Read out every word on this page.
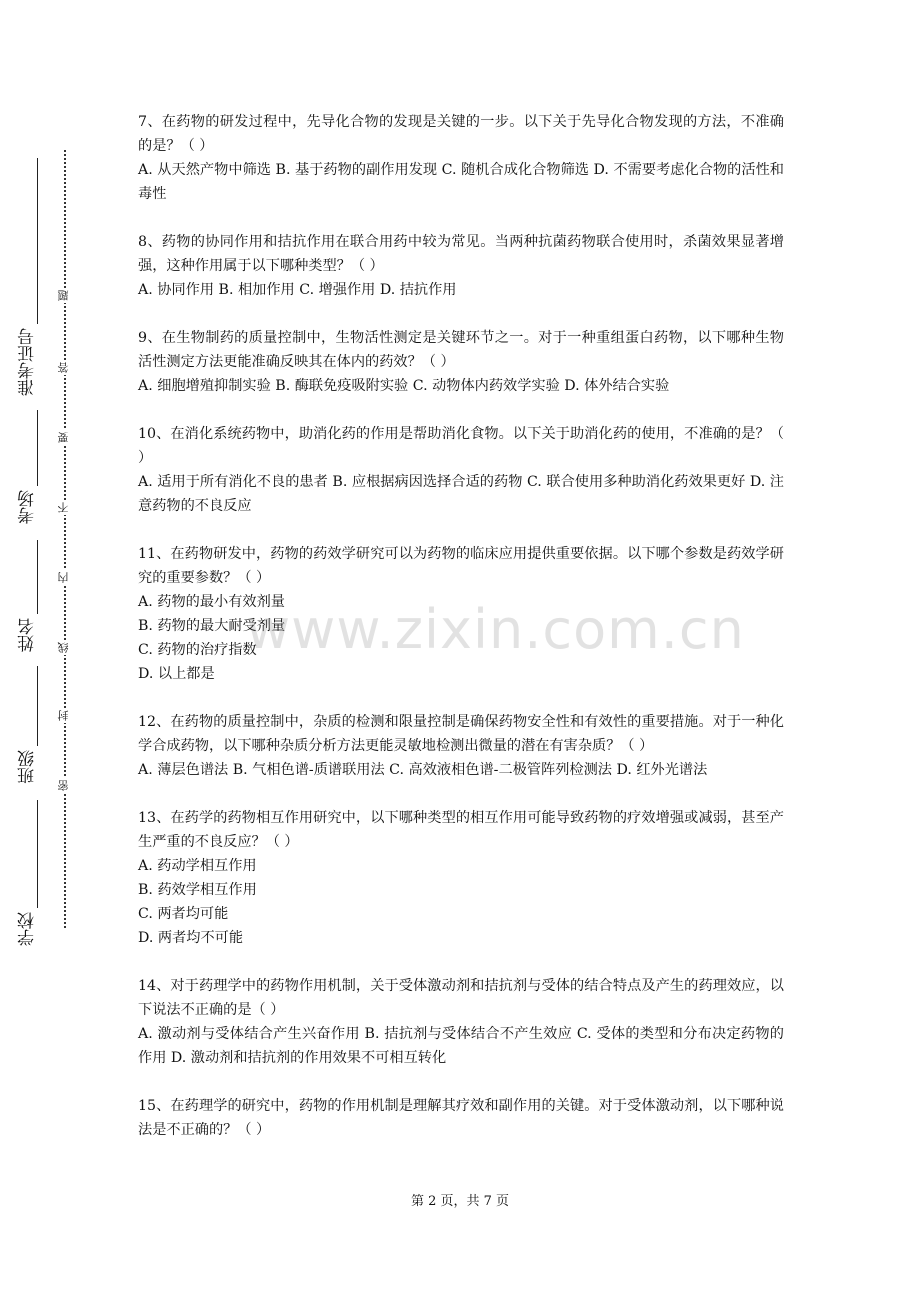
准考证号
考场
姓名
班级
学校
题
答
要
不
内
线
封
密

7、在药物的研发过程中，先导化合物的发现是关键的一步。以下关于先导化合物发现的方法，不准确的是？（ ）

A. 从天然产物中筛选 B. 基于药物的副作用发现 C. 随机合成化合物筛选 D. 不需要考虑化合物的活性和毒性

8、药物的协同作用和拮抗作用在联合用药中较为常见。当两种抗菌药物联合使用时，杀菌效果显著增强，这种作用属于以下哪种类型？（ ）

A. 协同作用 B. 相加作用 C. 增强作用 D. 拮抗作用

9、在生物制药的质量控制中，生物活性测定是关键环节之一。对于一种重组蛋白药物，以下哪种生物活性测定方法更能准确反映其在体内的药效？（ ）

A. 细胞增殖抑制实验 B. 酶联免疫吸附实验 C. 动物体内药效学实验 D. 体外结合实验

10、在消化系统药物中，助消化药的作用是帮助消化食物。以下关于助消化药的使用，不准确的是？（ ）

A. 适用于所有消化不良的患者 B. 应根据病因选择合适的药物 C. 联合使用多种助消化药效果更好 D. 注意药物的不良反应

11、在药物研发中，药物的药效学研究可以为药物的临床应用提供重要依据。以下哪个参数是药效学研究的重要参数？（ ）

A. 药物的最小有效剂量

B. 药物的最大耐受剂量

C. 药物的治疗指数

D. 以上都是

12、在药物的质量控制中，杂质的检测和限量控制是确保药物安全性和有效性的重要措施。对于一种化学合成药物，以下哪种杂质分析方法更能灵敏地检测出微量的潜在有害杂质？（ ）

A. 薄层色谱法 B. 气相色谱-质谱联用法 C. 高效液相色谱-二极管阵列检测法 D. 红外光谱法

13、在药学的药物相互作用研究中，以下哪种类型的相互作用可能导致药物的疗效增强或减弱，甚至产生严重的不良反应？（ ）

A. 药动学相互作用

B. 药效学相互作用

C. 两者均可能

D. 两者均不可能

14、对于药理学中的药物作用机制，关于受体激动剂和拮抗剂与受体的结合特点及产生的药理效应，以下说法不正确的是（ ）

A. 激动剂与受体结合产生兴奋作用 B. 拮抗剂与受体结合不产生效应 C. 受体的类型和分布决定药物的作用 D. 激动剂和拮抗剂的作用效果不可相互转化

15、在药理学的研究中，药物的作用机制是理解其疗效和副作用的关键。对于受体激动剂，以下哪种说法是不正确的？（ ）

www.zixin.com.cn
第 2 页，共 7 页
